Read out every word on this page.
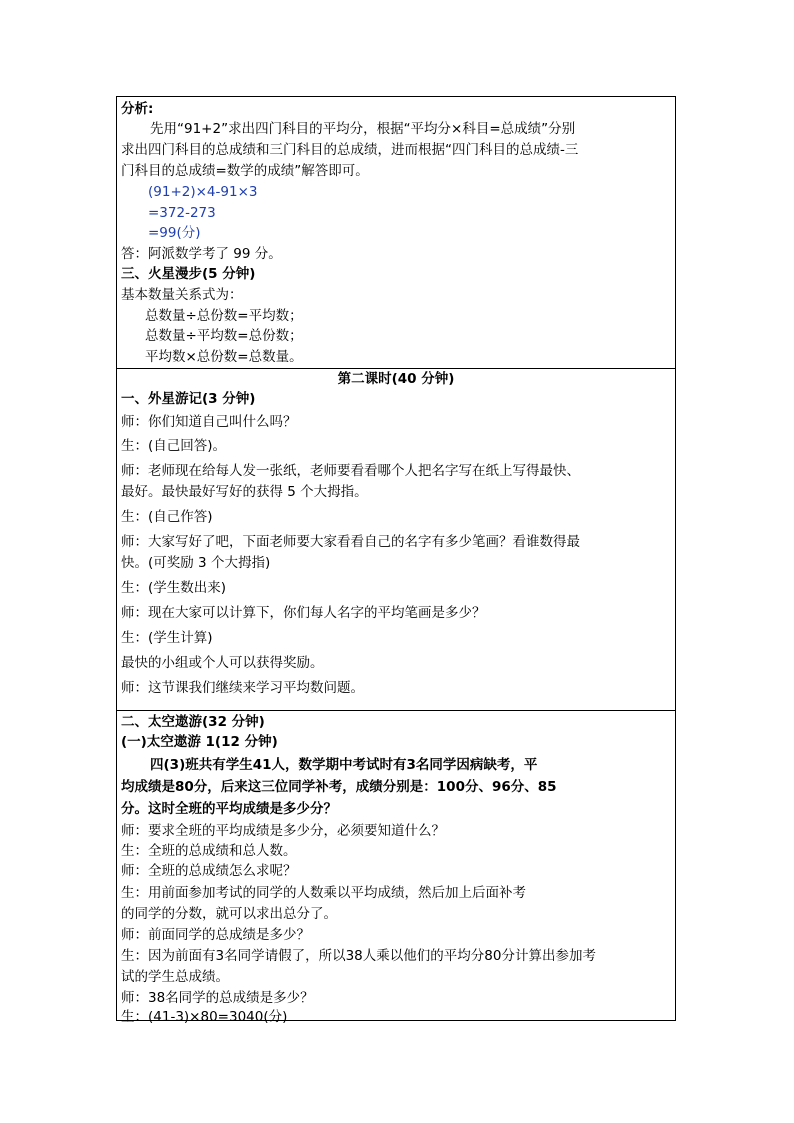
分析:
先用“91+2”求出四门科目的平均分，根据“平均分×科目=总成绩”分别
求出四门科目的总成绩和三门科目的总成绩，进而根据“四门科目的总成绩-三
门科目的总成绩=数学的成绩”解答即可。
(91+2)×4-91×3
=372-273
=99(分)
答：阿派数学考了 99 分。
三、火星漫步(5 分钟)
基本数量关系式为：
总数量÷总份数=平均数；
总数量÷平均数=总份数；
平均数×总份数=总数量。
第二课时(40 分钟)
一、外星游记(3 分钟)
师：你们知道自己叫什么吗？
生：(自己回答)。
师：老师现在给每人发一张纸，老师要看看哪个人把名字写在纸上写得最快、
最好。最快最好写好的获得 5 个大拇指。
生：(自己作答)
师：大家写好了吧，下面老师要大家看看自己的名字有多少笔画？看谁数得最
快。(可奖励 3 个大拇指)
生：(学生数出来)
师：现在大家可以计算下，你们每人名字的平均笔画是多少？
生：(学生计算)
最快的小组或个人可以获得奖励。
师：这节课我们继续来学习平均数问题。
二、太空遨游(32 分钟)
(一)太空遨游 1(12 分钟)
四(3)班共有学生41人，数学期中考试时有3名同学因病缺考，平
均成绩是80分，后来这三位同学补考，成绩分别是：100分、96分、85
分。这时全班的平均成绩是多少分？
师：要求全班的平均成绩是多少分，必须要知道什么？
生：全班的总成绩和总人数。
师：全班的总成绩怎么求呢？
生：用前面参加考试的同学的人数乘以平均成绩，然后加上后面补考
的同学的分数，就可以求出总分了。
师：前面同学的总成绩是多少？
生：因为前面有3名同学请假了，所以38人乘以他们的平均分80分计算出参加考
试的学生总成绩。
师：38名同学的总成绩是多少？
生：(41-3)×80=3040(分)
